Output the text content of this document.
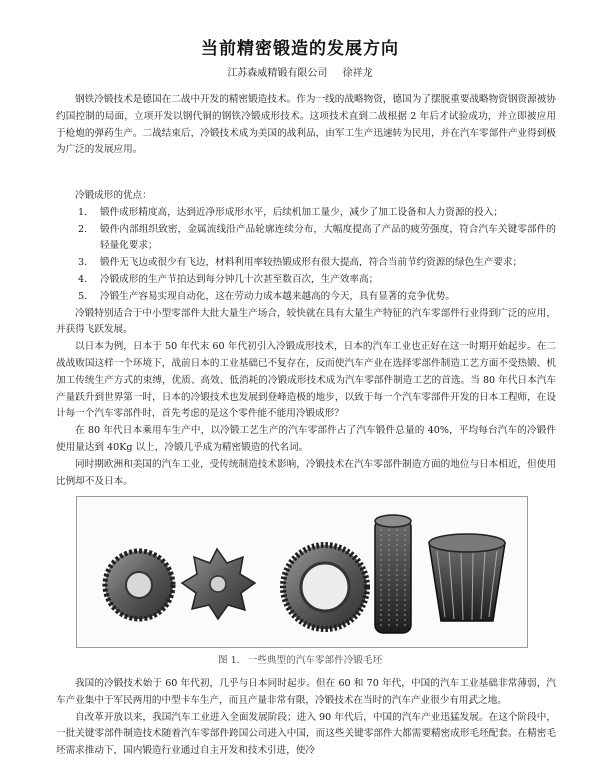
当前精密锻造的发展方向
江苏森威精锻有限公司 徐祥龙

钢铁冷锻技术是德国在二战中开发的精密锻造技术。作为一线的战略物资，德国为了摆脱重要战略物资钢资源被协约国控制的局面，立项开发以钢代铜的钢铁冷锻成形技术。这项技术直到二战根据 2 年后才试验成功，并立即被应用于枪炮的弹药生产。二战结束后，冷锻技术成为美国的战利品，由军工生产迅速转为民用，并在汽车零部件产业得到极为广泛的发展应用。

冷锻成形的优点：

1.	锻件成形精度高，达到近净形成形水平，后续机加工量少，减少了加工设备和人力资源的投入；
2.	锻件内部组织致密，金属流线沿产品轮廓连续分布，大幅度提高了产品的疲劳强度，符合汽车关键零部件的轻量化要求；
3.	锻件无飞边或很少有飞边，材料利用率较热锻成形有很大提高，符合当前节约资源的绿色生产要求；
4.	冷锻成形的生产节拍达到每分钟几十次甚至数百次，生产效率高；
5.	冷锻生产容易实现自动化，这在劳动力成本越来越高的今天，具有显著的竞争优势。

冷锻特别适合于中小型零部件大批大量生产场合，较快就在具有大量生产特征的汽车零部件行业得到广泛的应用，并获得飞跃发展。

以日本为例，日本于 50 年代末 60 年代初引入冷锻成形技术，日本的汽车工业也正好在这一时期开始起步。在二战战败国这样一个环境下，战前日本的工业基础已不复存在，反而使汽车产业在选择零部件制造工艺方面不受热锻、机加工传统生产方式的束缚，优质、高效、低消耗的冷锻成形技术成为汽车零部件制造工艺的首选。当 80 年代日本汽车产量跃升到世界第一时，日本的冷锻技术也发展到登峰造极的地步，以致于每一个汽车零部件开发的日本工程师，在设计每一个汽车零部件时，首先考虑的是这个零件能不能用冷锻成形？

在 80 年代日本乘用车生产中，以冷锻工艺生产的汽车零部件占了汽车锻件总量的 40%，平均每台汽车的冷锻件使用量达到 40Kg 以上，冷锻几乎成为精密锻造的代名词。

同时期欧洲和美国的汽车工业，受传统制造技术影响，冷锻技术在汽车零部件制造方面的地位与日本相近，但使用比例却不及日本。

图 1. 一些典型的汽车零部件冷锻毛坯

我国的冷锻技术始于 60 年代初，几乎与日本同时起步。但在 60 和 70 年代，中国的汽车工业基础非常薄弱，汽车产业集中于军民两用的中型卡车生产，而且产量非常有限，冷锻技术在当时的汽车产业很少有用武之地。

自改革开放以来，我国汽车工业进入全面发展阶段；进入 90 年代后，中国的汽车产业迅猛发展。在这个阶段中，一批关键零部件制造技术随着汽车零部件跨国公司进入中国，而这些关键零部件大都需要精密成形毛坯配套。在精密毛坯需求推动下，国内锻造行业通过自主开发和技术引进，使冷
